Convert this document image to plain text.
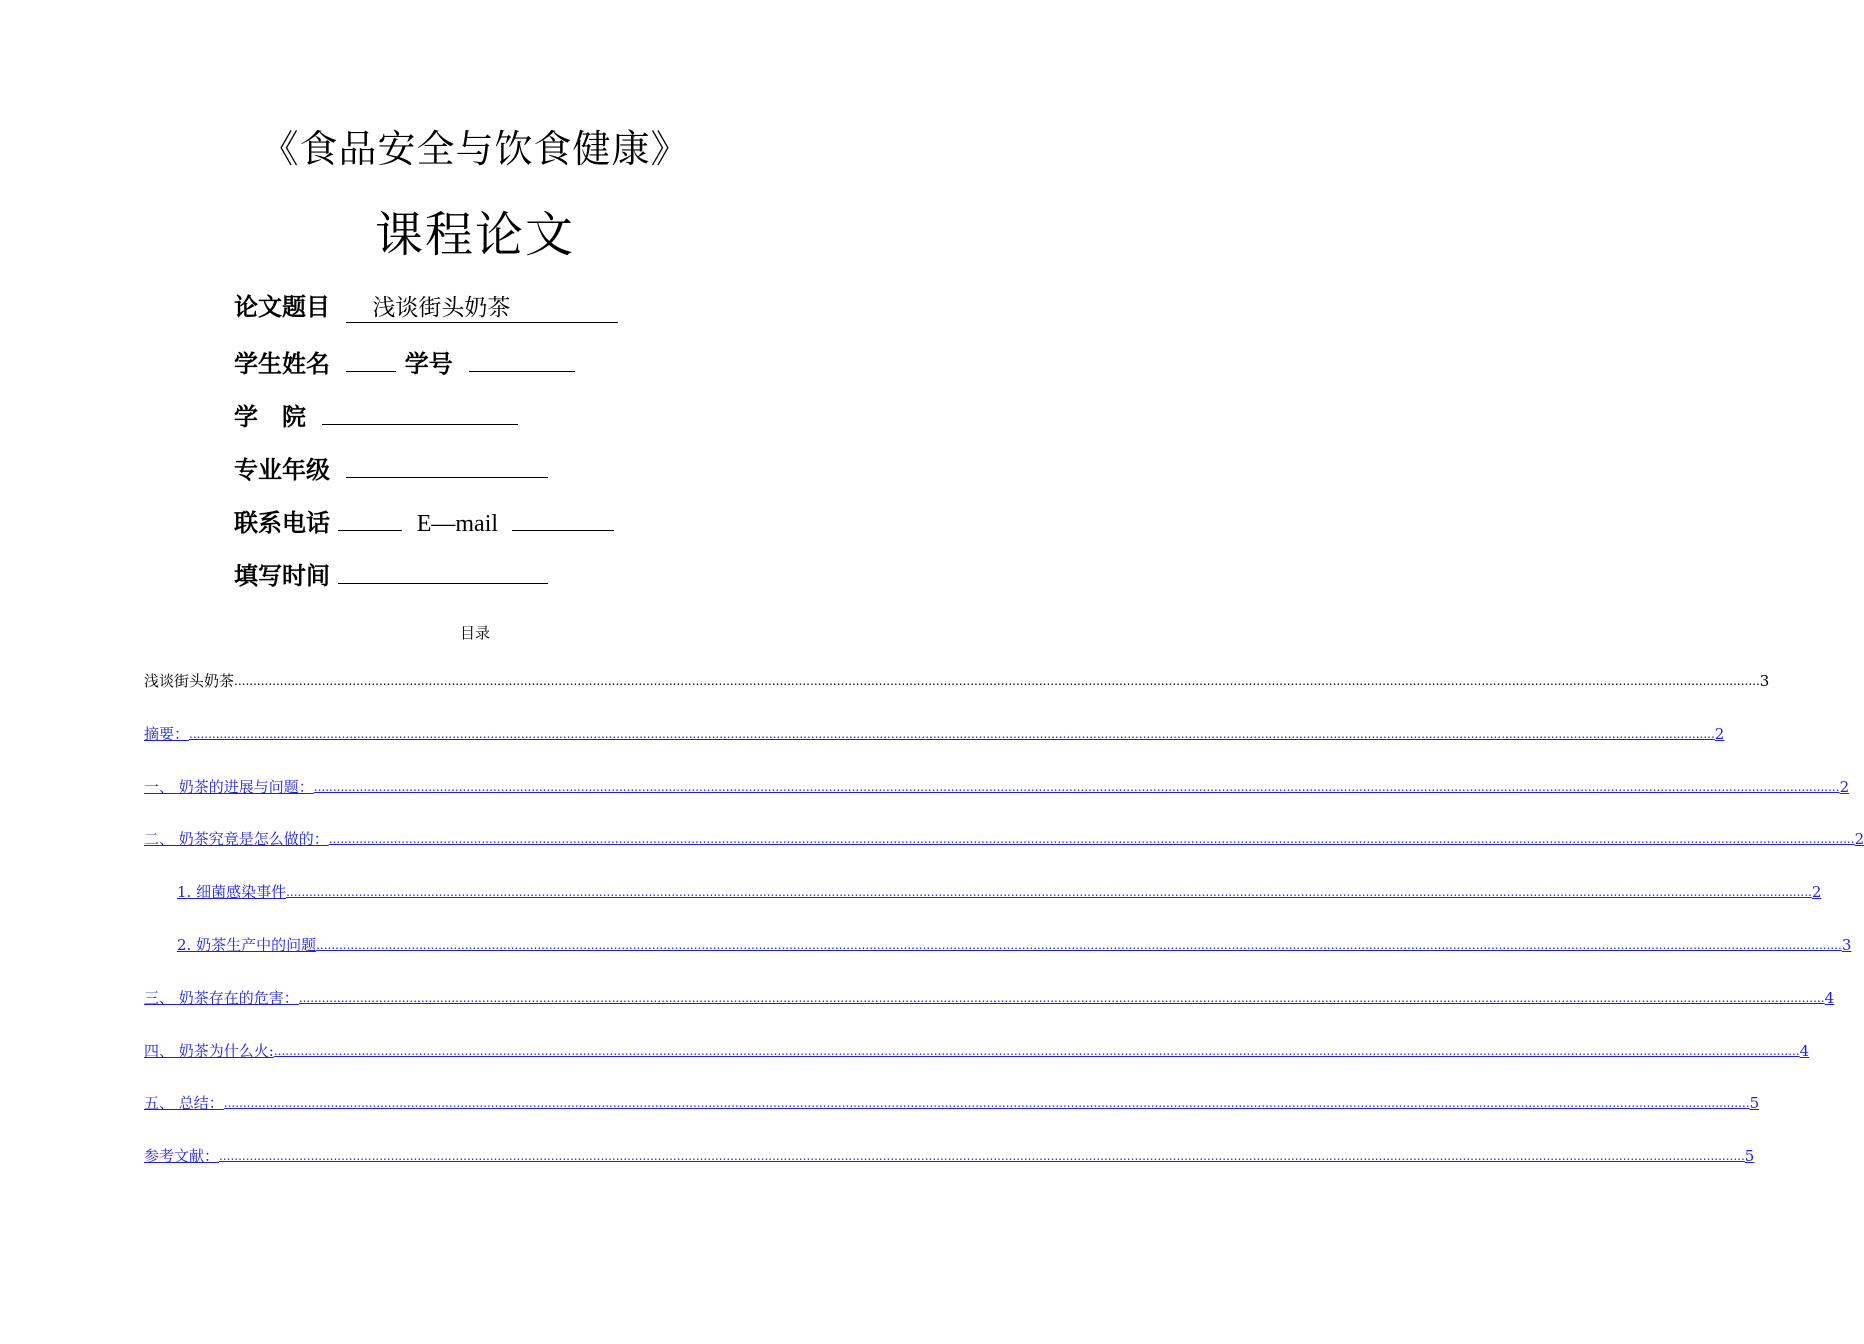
《食品安全与饮食健康》
课程论文
论文题目 浅谈街头奶茶
学生姓名	学号
学　院
专业年级
联系电话	E—mail
填写时间
目录
浅谈街头奶茶 ................................................................................................................................................................................................................................................................................................................................................................................................................ 3
摘要： ................................................................................................................................................................................................................................................................................................................................................................................................................ 2
一、 奶茶的进展与问题： ................................................................................................................................................................................................................................................................................................................................................................................................................ 2
二、 奶茶究竟是怎么做的： ................................................................................................................................................................................................................................................................................................................................................................................................................ 2
1. 细菌感染事件 ................................................................................................................................................................................................................................................................................................................................................................................................................ 2
2. 奶茶生产中的问题 ................................................................................................................................................................................................................................................................................................................................................................................................................ 3
三、 奶茶存在的危害： ................................................................................................................................................................................................................................................................................................................................................................................................................ 4
四、 奶茶为什么火: ................................................................................................................................................................................................................................................................................................................................................................................................................ 4
五、 总结： ................................................................................................................................................................................................................................................................................................................................................................................................................ 5
参考文献： ................................................................................................................................................................................................................................................................................................................................................................................................................ 5
